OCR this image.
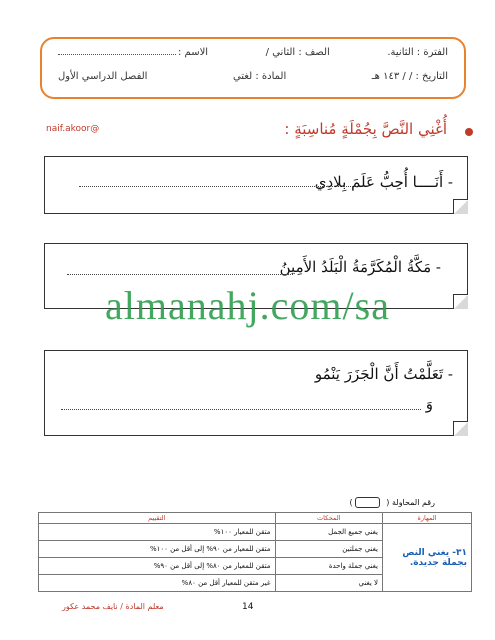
الاسم :	الصف : الثاني /	الفترة : الثانية.
الفصل الدراسي الأول	المادة : لغتي	التاريخ : / / ١٤٣ هـ
naif.akoor@	أُغْنِي النَّصَّ بِجُمْلَةٍ مُناسِبَةٍ :
- أَنَــــا أُحِبُّ عَلَمَ بِلادِي
- مَكَّةُ الْمُكَرَّمَةُ الْبَلَدُ الأَمِينُ
almanahj.com/sa
- تَعَلَّمْتُ أَنَّ الْجَزَرَ يَنْمُو
وَ
رقم المحاولة (   )
المهارة	المحكات	التقييم
٣١- يغني النص بجملة جديدة.	يغني جميع الجمل	متقن للمعيار ١٠٠%
	يغني جملتين	متقن للمعيار من ٩٠% إلى أقل من ١٠٠%
	يغني جملة واحدة	متقن للمعيار من ٨٠% إلى أقل من ٩٠%
	لا يغني	غير متقن للمعيار أقل من ٨٠%
معلم المادة / نايف محمد عكور	14
